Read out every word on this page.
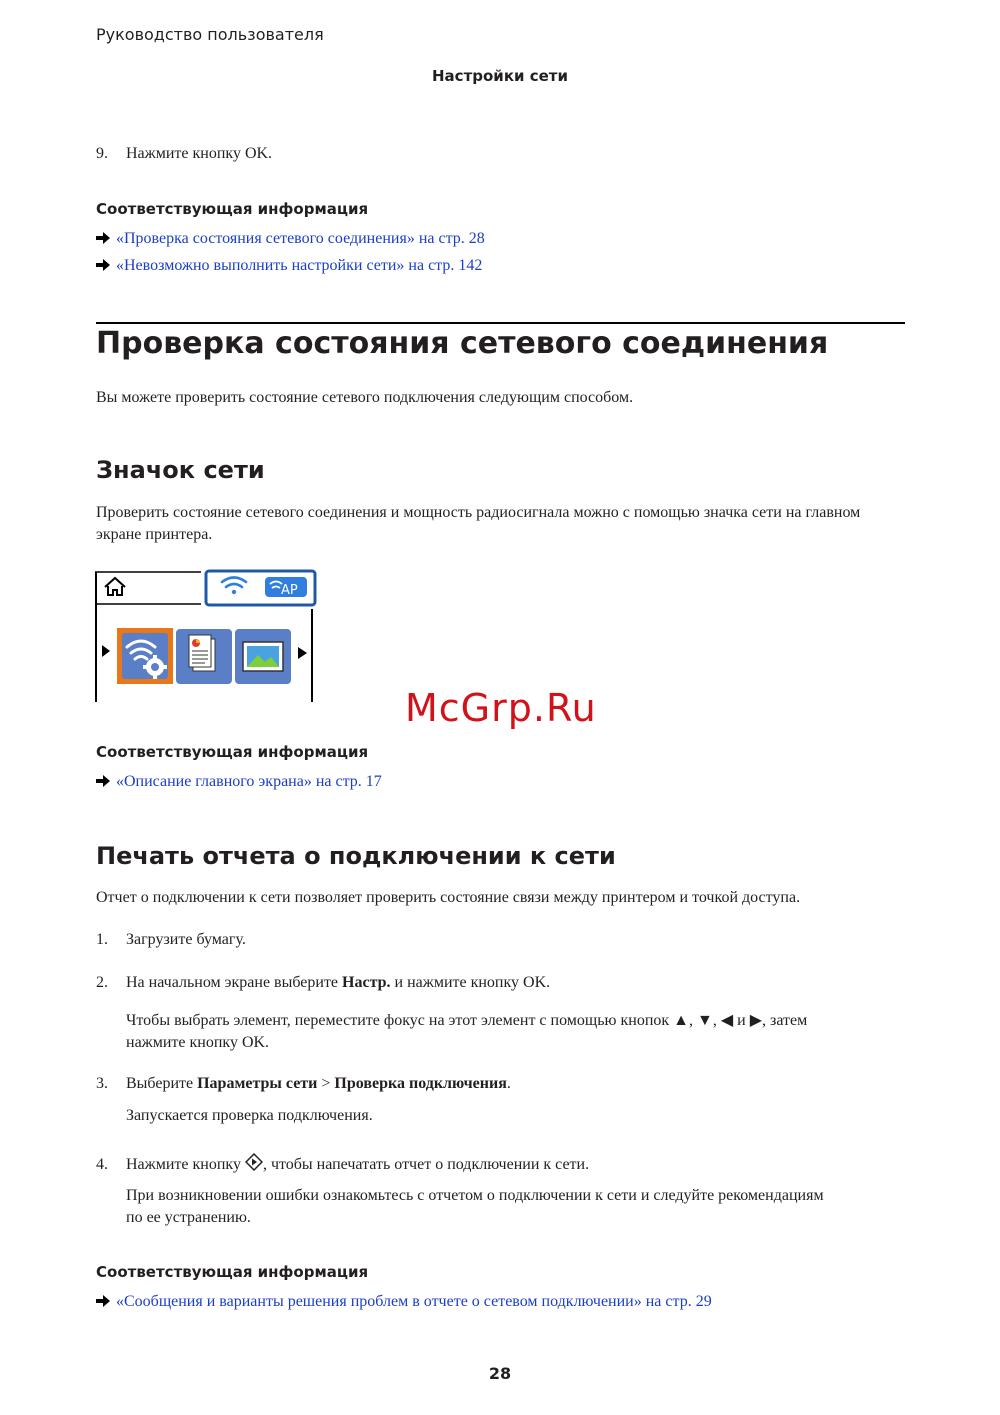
Руководство пользователя
Настройки сети
9. Нажмите кнопку OK.
Соответствующая информация
«Проверка состояния сетевого соединения» на стр. 28
«Невозможно выполнить настройки сети» на стр. 142
Проверка состояния сетевого соединения
Вы можете проверить состояние сетевого подключения следующим способом.
Значок сети
Проверить состояние сетевого соединения и мощность радиосигнала можно с помощью значка сети на главном экране принтера.
AP
McGrp.Ru
Соответствующая информация
«Описание главного экрана» на стр. 17
Печать отчета о подключении к сети
Отчет о подключении к сети позволяет проверить состояние связи между принтером и точкой доступа.
1. Загрузите бумагу.
2. На начальном экране выберите Настр. и нажмите кнопку OK.
Чтобы выбрать элемент, переместите фокус на этот элемент с помощью кнопок ▲, ▼, ◀ и ▶, затем
нажмите кнопку OK.
3. Выберите Параметры сети > Проверка подключения.
Запускается проверка подключения.
4. Нажмите кнопку , чтобы напечатать отчет о подключении к сети.
При возникновении ошибки ознакомьтесь с отчетом о подключении к сети и следуйте рекомендациям
по ее устранению.
Соответствующая информация
«Сообщения и варианты решения проблем в отчете о сетевом подключении» на стр. 29
28
